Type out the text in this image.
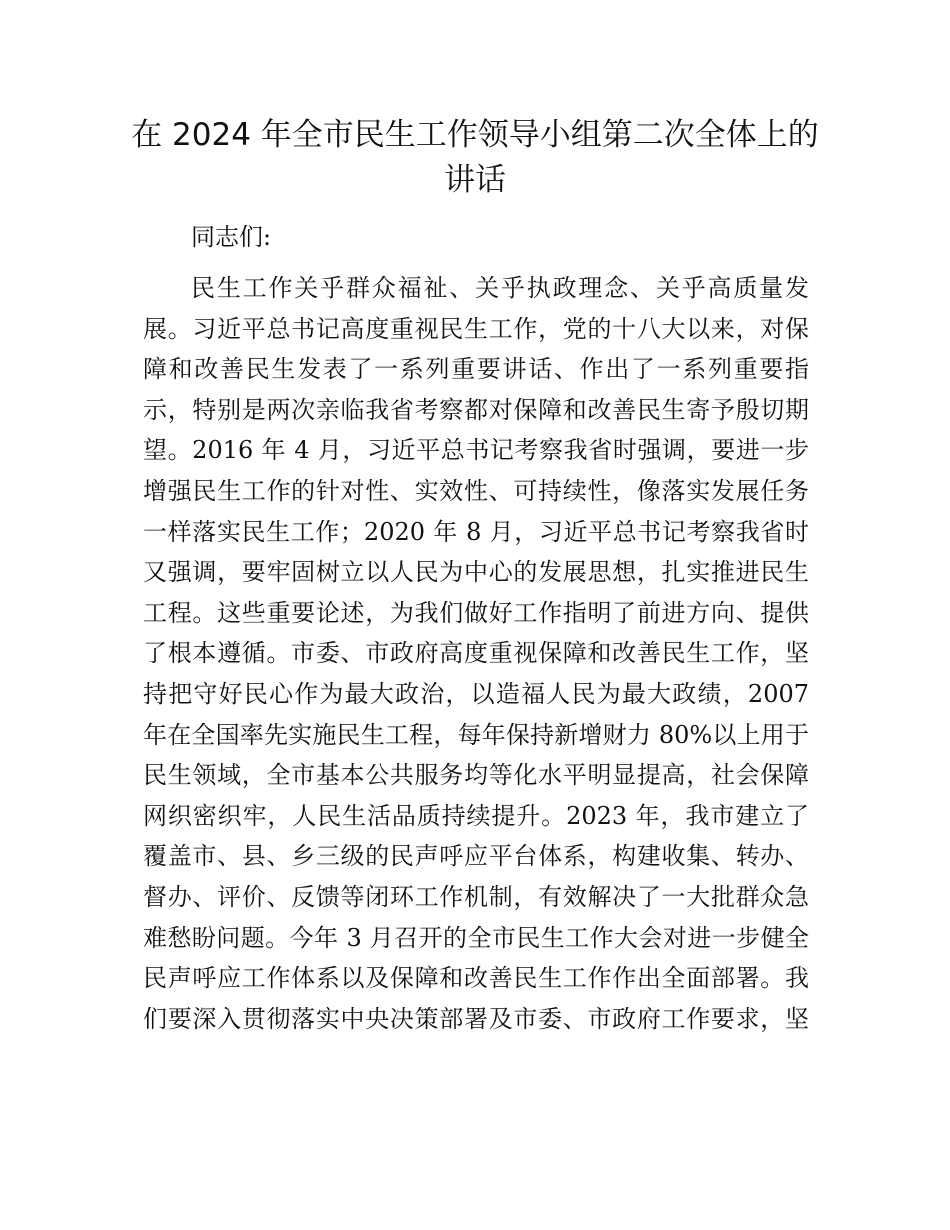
在 2024 年全市民生工作领导小组第二次全体上的讲话

同志们:

民生工作关乎群众福祉、关乎执政理念、关乎高质量发

展。习近平总书记高度重视民生工作，党的十八大以来，对保

障和改善民生发表了一系列重要讲话、作出了一系列重要指

示，特别是两次亲临我省考察都对保障和改善民生寄予殷切期

望。2016 年 4 月，习近平总书记考察我省时强调，要进一步

增强民生工作的针对性、实效性、可持续性，像落实发展任务

一样落实民生工作；2020 年 8 月，习近平总书记考察我省时

又强调，要牢固树立以人民为中心的发展思想，扎实推进民生

工程。这些重要论述，为我们做好工作指明了前进方向、提供

了根本遵循。市委、市政府高度重视保障和改善民生工作，坚

持把守好民心作为最大政治，以造福人民为最大政绩，2007

年在全国率先实施民生工程，每年保持新增财力 80%以上用于

民生领域，全市基本公共服务均等化水平明显提高，社会保障

网织密织牢，人民生活品质持续提升。2023 年，我市建立了

覆盖市、县、乡三级的民声呼应平台体系，构建收集、转办、

督办、评价、反馈等闭环工作机制，有效解决了一大批群众急

难愁盼问题。今年 3 月召开的全市民生工作大会对进一步健全

民声呼应工作体系以及保障和改善民生工作作出全面部署。我

们要深入贯彻落实中央决策部署及市委、市政府工作要求，坚
